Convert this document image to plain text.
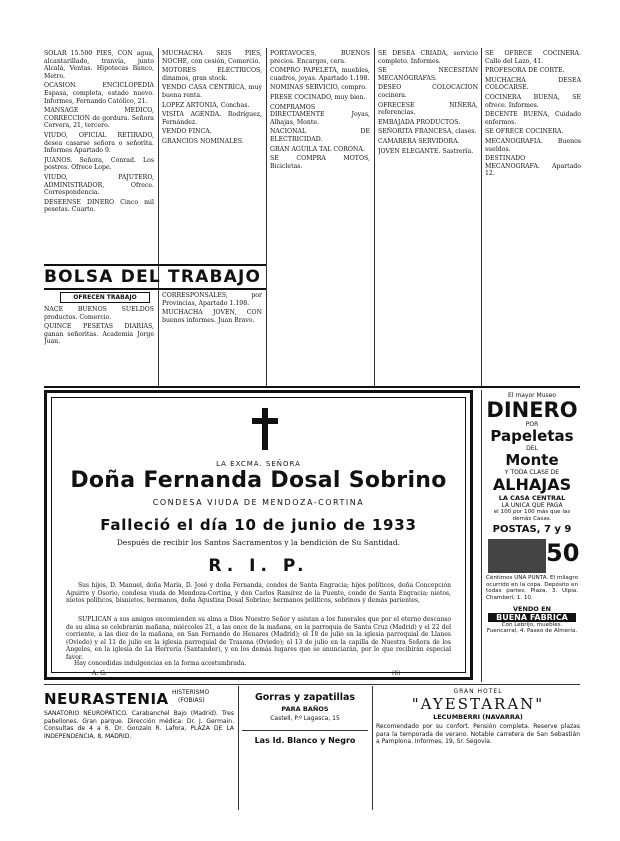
SOLAR 15.500 PIES, CON agua, alcantarillado, tranvía, junto Alcalá, Ventas. Hipotecas Banco, Metro.

OCASION. ENCICLOPEDIA Espasa, completa, estado nuevo. Informes, Fernando Católico, 21.

MANSAGE MEDICO, CORRECCION de gordura. Señora Cervera, 21, tercero.

VIUDO, OFICIAL RETIRADO, desea casarse señora o señorita. Informes Apartado 9.

JUANOS. Señora, Conrad. Los postres. Ofrece Lope.

VIUDO, PAJUTERO, ADMINISTRADOR, Ofrece. Correspondencia.

DESEENSE DINERO Cinco mil pesetas. Cuarto.

MUCHACHA SEIS PIES, NOCHE, con cesión, Comercio.

MOTORES ELECTRICOS, dinamos, gran stock.

VENDO CASA CENTRICA, muy buena renta.

LOPEZ ARTONIA, Conchas.

VISITA AGENDA. Rodríguez, Fernández.

VENDO FINCA.

GRANCIOS NOMINALES.

PORTAVOCES, BUENOS precios. Encargos, cera.

COMPRO PAPELETA, muebles, cuadros, joyas. Apartado 1.198.

NOMINAS SERVICIO, compro.

FRESE COCINADO, muy bien.

COMPRAMOS DIRECTAMENTE Joyas, Alhajas, Monte.

NACIONAL DE ELECTRICIDAD.

GRAN AGUILA TAL CORONA.

SE COMPRA MOTOS, Bicicletas.

SE DESEA CRIADA, servicio completo. Informes.

SE NECESITAN MECANÓGRAFAS.

DESEO COLOCACION cocinera.

OFRECESE NIÑERA, referencias.

EMBAJADA PRODUCTOS.

SEÑORITA FRANCESA, clases.

CAMARERA SERVIDORA.

JOVEN ELEGANTE. Sastrería.

SE OFRECE COCINERA. Calle del Lazo, 41.

PROFESORA DE CORTE.

MUCHACHA DESEA COLOCARSE.

COCINERA BUENA, SE ofrece. Informes.

DECENTE BUENA, Cuidado enfermos.

SE OFRECE COCINERA.

MECANOGRAFIA. Buenos sueldos.

DESTINADO MECANOGRAFA. Apartado 12.

BOLSA DEL TRABAJO
OFRECEN TRABAJO

NACE BUENOS SUELDOS productos. Comercio.

QUINCE PESETAS DIARIAS, ganan señoritas. Academia Jorge Juan.

CORRESPONSALES, por Provincias, Apartado 1.198.

MUCHACHA JOVEN, CON buenos informes. Juan Bravo.

LA EXCMA. SEÑORA
Doña Fernanda Dosal Sobrino
CONDESA VIUDA DE MENDOZA-CORTINA
Falleció el día 10 de junio de 1933
Después de recibir los Santos Sacramentos y la bendición de Su Santidad.
R. I. P.
Sus hijos, D. Manuel, doña María, D. José y doña Fernanda, condes de Santa Engracia; hijos políticos, doña Concepción Aguirre y Osorio, condesa viuda de Mendoza-Cortina, y don Carlos Ramírez de la Puente, conde de Santa Engracia; nietos, nietos políticos, bisnietos, hermanos, doña Agustina Dosal Sobrino; hermanos políticos, sobrinos y demás parientes,
SUPLICAN a sus amigos encomienden su alma a Dios Nuestro Señor y asistan a los funerales que por el eterno descanso de su alma se celebrarán mañana, miércoles 21, a las once de la mañana, en la parroquia de Santa Cruz (Madrid) y el 22 del corriente, a las diez de la mañana, en San Fernando de Henares (Madrid); el 18 de julio en la iglesia parroquial de Llanes (Oviedo) y el 11 de julio en la iglesia parroquial de Trasona (Oviedo); el 13 de julio en la capilla de Nuestra Señora de los Angeles, en la iglesia de La Herrería (Santander), y en los demás lugares que se anunciarán, por lo que recibirán especial favor.
Hay concedidas indulgencias en la forma acostumbrada.
A. G.	(6)
El mayor Museo
DINERO
POR
Papeletas
DEL
Monte
Y TODA CLASE DE
ALHAJAS
LA CASA CENTRAL
LA UNICA QUE PAGA
el 100 por 100 más que las demás Casas.
POSTAS, 7 y 9
50
Céntimos UNA PUNTA. El milagro ocurrido en la copa. Depósito en todas partes. Plaza, 3. Ulpia. Chamberí, 1. 10.
VENDO EN
BUENA FABRICA
Con Lebrijo, muebles. Fuencarral, 4. Paseo de Almería.
NEURASTENIA HISTERISMO
(FOBIAS)
SANATORIO NEUROPATICO. Carabanchel Bajo (Madrid). Tres pabellones. Gran parque. Dirección médica: Dr. J. Germain. Consultas de 4 a 6. Dr. Gonzalo R. Lafora, PLAZA DE LA INDEPENDENCIA, 8, MADRID.
Gorras y zapatillas
PARA BAÑOS
Castell, P.º Lagasca, 15
Las Id. Blanco y Negro
GRAN HOTEL
"AYESTARAN"
LECUMBERRI (NAVARRA)
Recomendado por su confort. Pensión completa. Reserve plazas para la temporada de verano. Notable carretera de San Sebastián a Pamplona. Informes, 19, Sr. Segovia.
